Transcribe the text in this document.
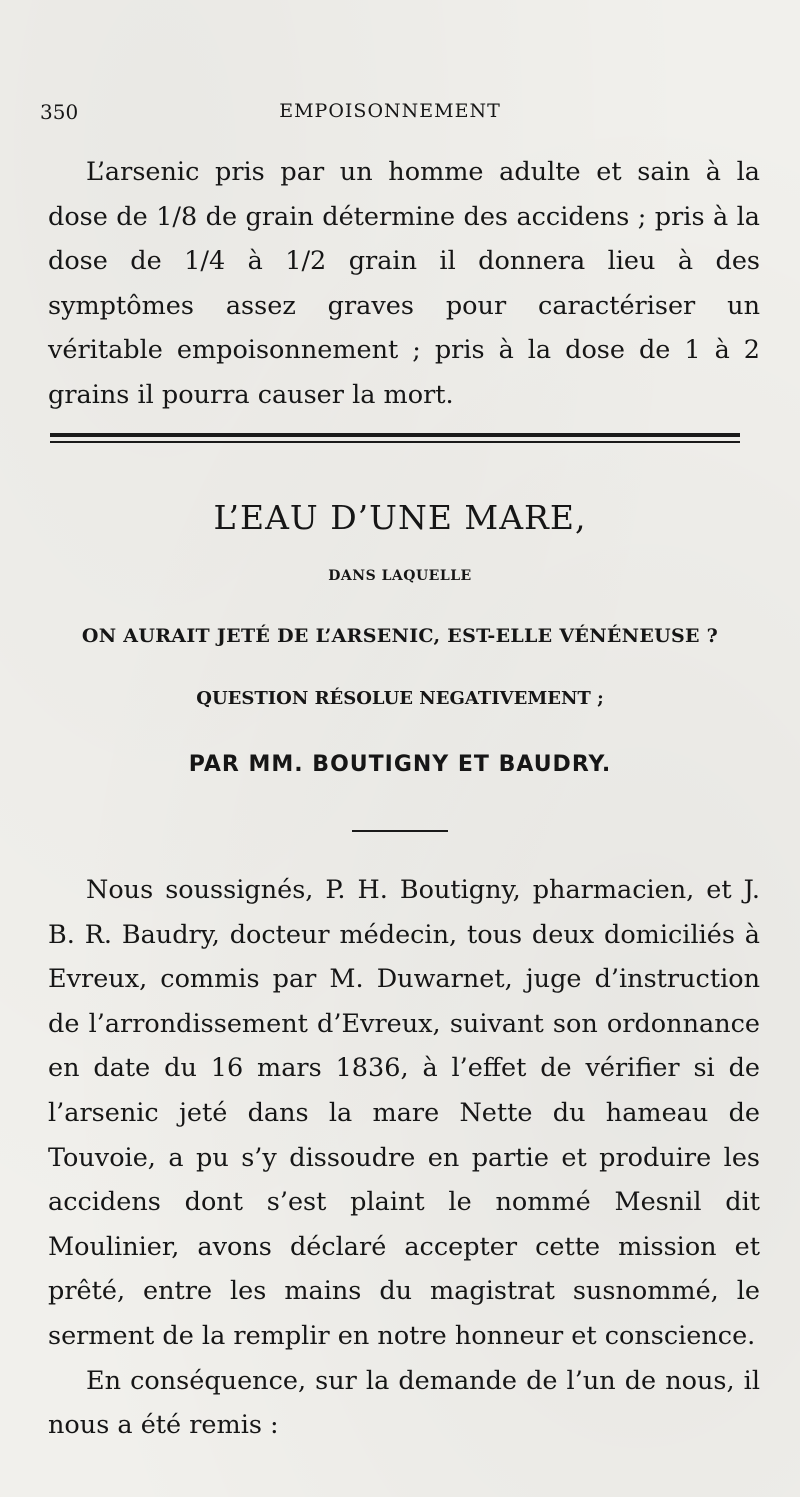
350	EMPOISONNEMENT

L’arsenic pris par un homme adulte et sain à la dose de 1/8 de grain détermine des accidens ; pris à la dose de 1/4 à 1/2 grain il donnera lieu à des symptômes assez graves pour caractériser un véritable empoisonnement ; pris à la dose de 1 à 2 grains il pourra causer la mort.

L’EAU D’UNE MARE,

DANS LAQUELLE

ON AURAIT JETÉ DE L’ARSENIC, EST-ELLE VÉNÉNEUSE ?

QUESTION RÉSOLUE NEGATIVEMENT ;

PAR MM. BOUTIGNY ET BAUDRY.

Nous soussignés, P. H. Boutigny, pharmacien, et J. B. R. Baudry, docteur médecin, tous deux domiciliés à Evreux, commis par M. Duwarnet, juge d’instruction de l’arrondissement d’Evreux, suivant son ordonnance en date du 16 mars 1836, à l’effet de vérifier si de l’arsenic jeté dans la mare Nette du hameau de Touvoie, a pu s’y dissoudre en partie et produire les accidens dont s’est plaint le nommé Mesnil dit Moulinier, avons déclaré accepter cette mission et prêté, entre les mains du magistrat susnommé, le serment de la remplir en notre honneur et conscience.

En conséquence, sur la demande de l’un de nous, il nous a été remis :
